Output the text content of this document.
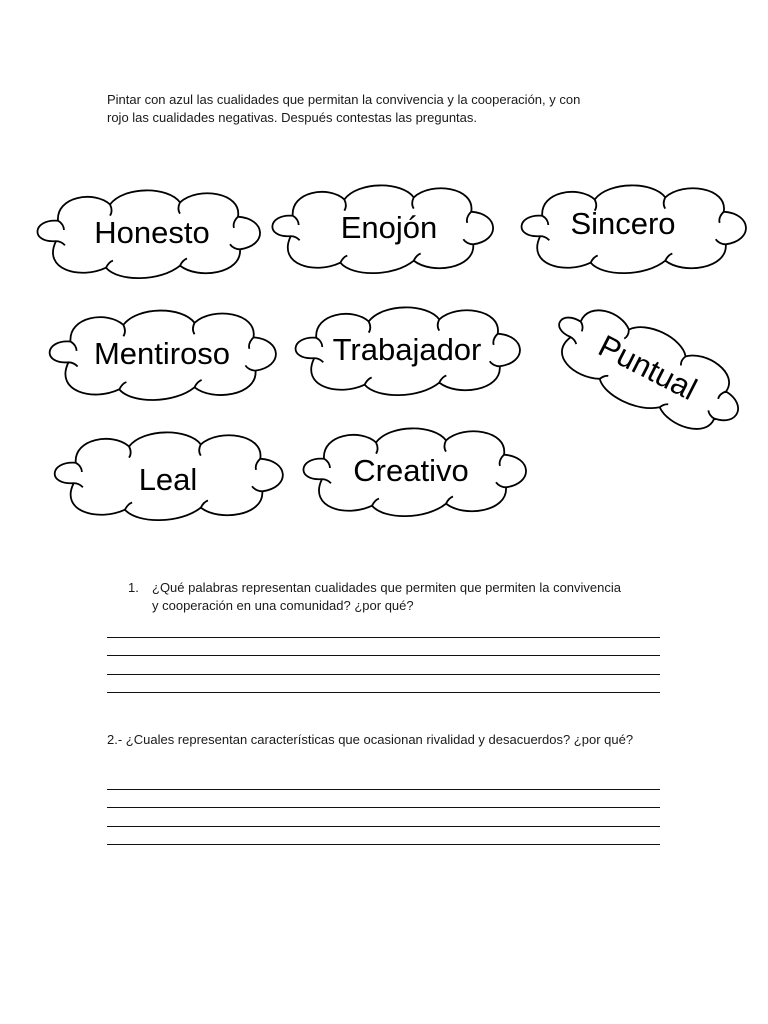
Pintar con azul las cualidades que permitan la convivencia y la cooperación, y con
rojo las cualidades negativas. Después contestas las preguntas.
Honesto	Enojón	Sincero
Mentiroso	Trabajador	Puntual
Leal	Creativo
1.	¿Qué palabras representan cualidades que permiten que permiten la convivencia y cooperación en una comunidad? ¿por qué?
2.- ¿Cuales representan características que ocasionan rivalidad y desacuerdos? ¿por qué?
